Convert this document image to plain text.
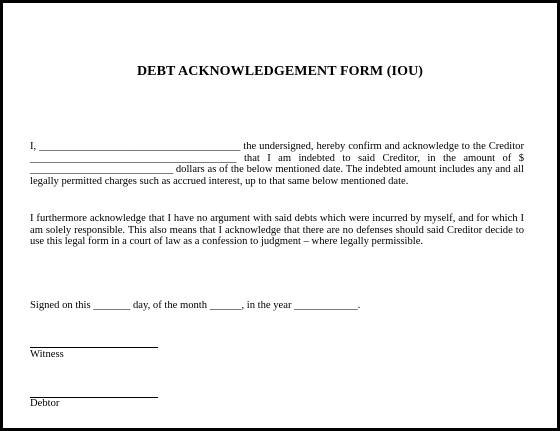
DEBT ACKNOWLEDGEMENT FORM (IOU)
I, ______________________________________ the undersigned, hereby confirm and acknowledge to the Creditor _______________________________________ that I am indebted to said Creditor, in the amount of $ ___________________________ dollars as of the below mentioned date. The indebted amount includes any and all legally permitted charges such as accrued interest, up to that same below mentioned date.
I furthermore acknowledge that I have no argument with said debts which were incurred by myself, and for which I am solely responsible. This also means that I acknowledge that there are no defenses should said Creditor decide to use this legal form in a court of law as a confession to judgment – where legally permissible.
Signed on this _______ day, of the month ______, in the year ____________.
Witness
Debtor
